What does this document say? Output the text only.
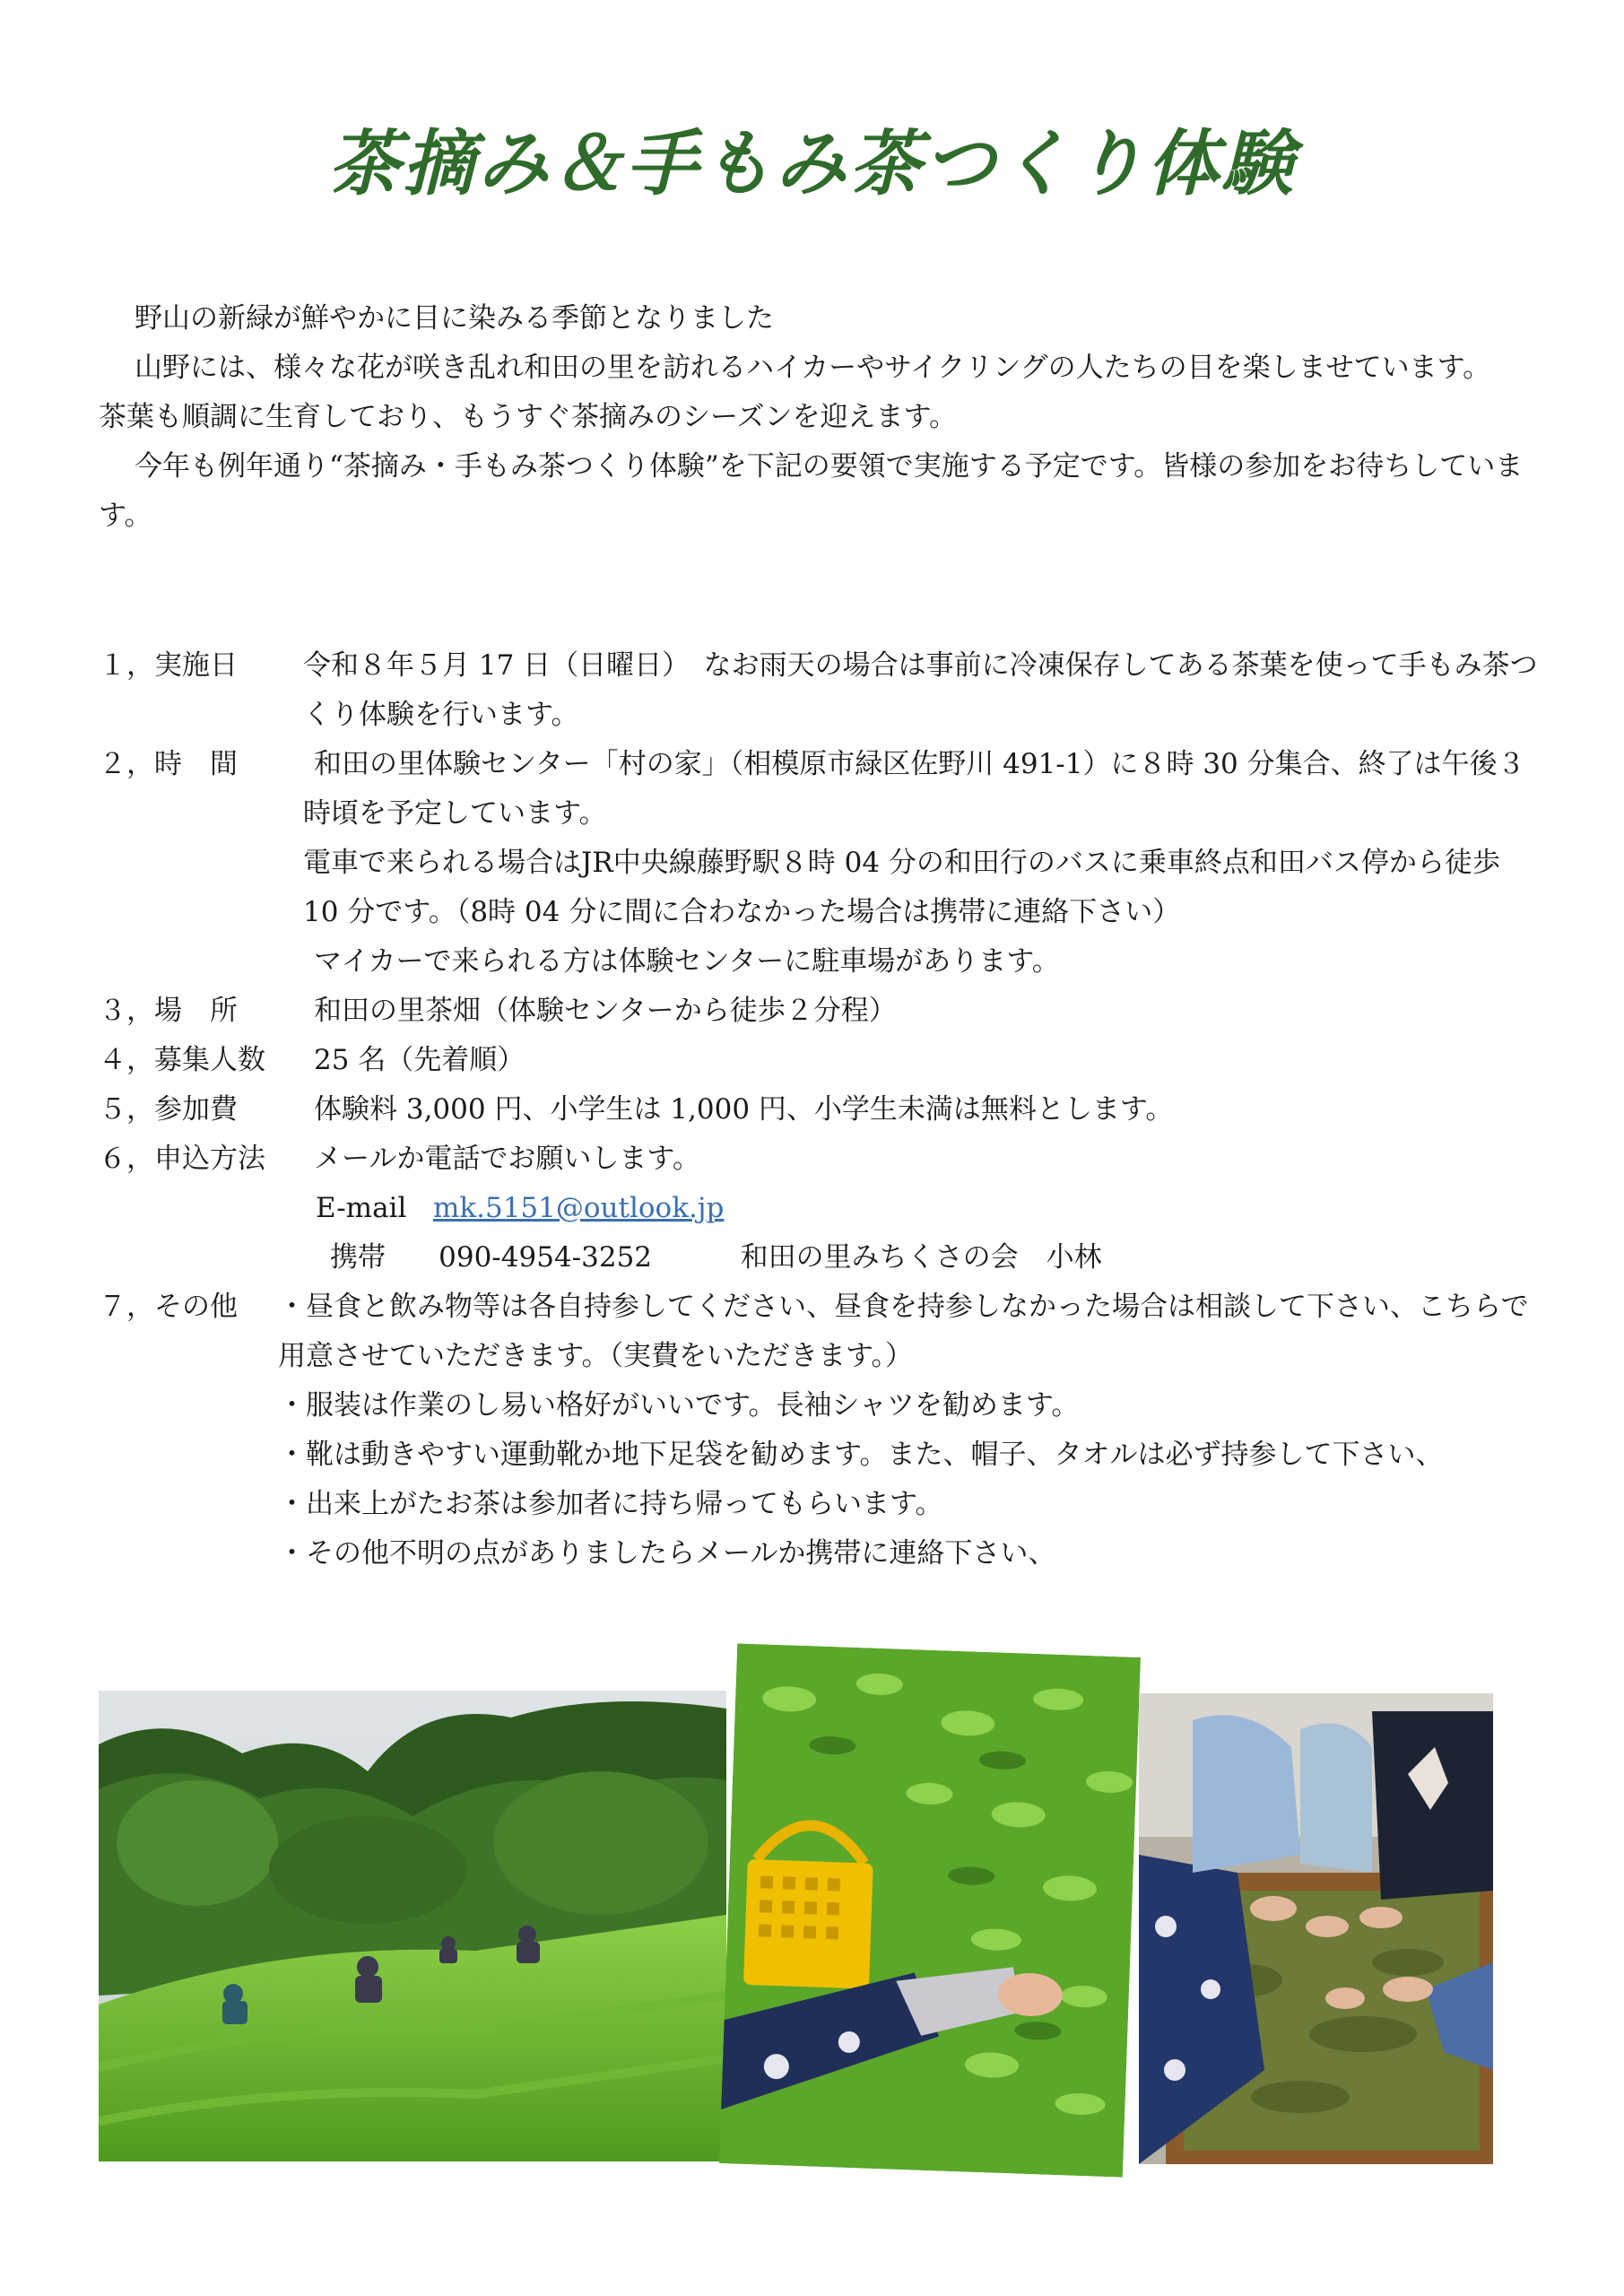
茶摘み＆手もみ茶つくり体験

野山の新緑が鮮やかに目に染みる季節となりました

山野には、様々な花が咲き乱れ和田の里を訪れるハイカーやサイクリングの人たちの目を楽しませています。

茶葉も順調に生育しており、もうすぐ茶摘みのシーズンを迎えます。

今年も例年通り“茶摘み・手もみ茶つくり体験”を下記の要領で実施する予定です。皆様の参加をお待ちしています。

１，実施日 令和８年５月 17 日（日曜日）　なお雨天の場合は事前に冷凍保存してある茶葉を使って手もみ茶つくり体験を行います。
２，時　間	和田の里体験センター「村の家」（相模原市緑区佐野川 491-1）に８時 30 分集合、終了は午後３時頃を予定しています。

電車で来られる場合はJR中央線藤野駅８時 04 分の和田行のバスに乗車終点和田バス停から徒歩 10 分です。（8時 04 分に間に合わなかった場合は携帯に連絡下さい）

マイカーで来られる方は体験センターに駐車場があります。

３，場　所	和田の里茶畑（体験センターから徒歩２分程）

４，募集人数	25 名（先着順）

５，参加費	体験料 3,000 円、小学生は 1,000 円、小学生未満は無料とします。

６，申込方法	メールか電話でお願いします。

E-mail mk.5151@outlook.jp

携帯 090-4954-3252	和田の里みちくさの会　小林

７，その他 ・昼食と飲み物等は各自持参してください、昼食を持参しなかった場合は相談して下さい、こちらで用意させていただきます。（実費をいただきます。）

・服装は作業のし易い格好がいいです。長袖シャツを勧めます。

・靴は動きやすい運動靴か地下足袋を勧めます。また、帽子、タオルは必ず持参して下さい、

・出来上がたお茶は参加者に持ち帰ってもらいます。

・その他不明の点がありましたらメールか携帯に連絡下さい、
